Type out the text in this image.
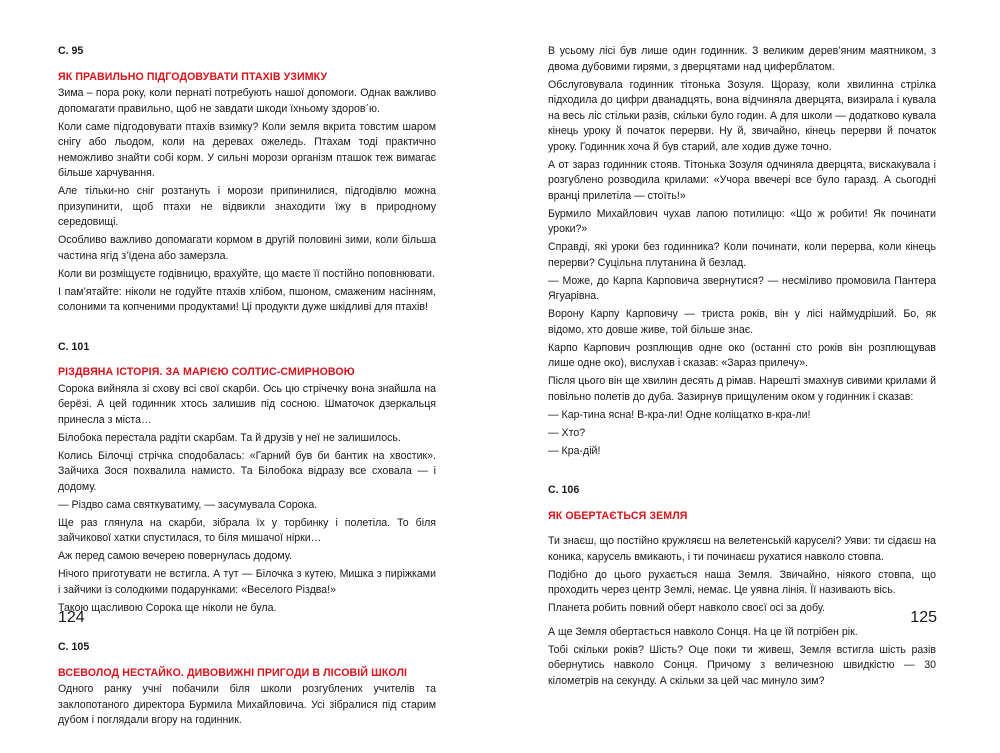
С. 95

ЯК ПРАВИЛЬНО ПІДГОДОВУВАТИ ПТАХІВ УЗИМКУ

Зима – пора року, коли пернаті потребують нашої допомоги. Однак важливо допомагати правильно, щоб не завдати шкоди їхньому здоров᾿ю.

Коли саме підгодовувати птахів взимку? Коли земля вкрита товстим шаром снігу або льодом, коли на деревах ожеледь. Птахам тоді практично неможливо знайти собі корм. У сильні морози організм пташок теж вимагає більше харчування.

Але тільки-но сніг розтануть і морози припинилися, підгодівлю можна призупинити, щоб птахи не відвикли знаходити їжу в природному середовищі.

Особливо важливо допомагати кормом в другій половині зими, коли більша частина ягід з’їдена або замерзла.

Коли ви розміщуєте годівницю, врахуйте, що маєте її постійно поповнювати.

І пам’ятайте: ніколи не годуйте птахів хлібом, пшоном, смаженим насінням, солоними та копченими продуктами! Ці продукти дуже шкідливі для птахів!

С. 101

РІЗДВЯНА ІСТОРІЯ. ЗА МАРІЄЮ СОЛТИС-СМИРНОВОЮ

Сорока вийняла зі схову всі свої скарби. Ось цю стрічечку вона знайшла на берёзі. А цей годинник хтось залишив під сосною. Шматочок дзеркальця принесла з міста…

Білобока перестала радіти скарбам. Та й друзів у неї не залишилось.

Колись Білочці стрічка сподобалась: «Гарний був би бантик на хвостик». Зайчиха Зося похвалила намисто. Та Білобока відразу все сховала — і додому.

— Різдво сама святкуватиму, — засумувала Сорока.

Ще раз глянула на скарби, зібрала їх у торбинку і полетіла. То біля зайчикової хатки спустилася, то біля мишачої нірки…

Аж перед самою вечерею повернулась додому.

Нічого приготувати не встигла. А тут — Білочка з кутею, Мишка з пиріжками і зайчики із солодкими подарунками: «Веселого Різдва!»

Такою щасливою Сорока ще ніколи не була.

С. 105

ВСЕВОЛОД НЕСТАЙКО. ДИВОВИЖНІ ПРИГОДИ В ЛІСОВІЙ ШКОЛІ

Одного ранку учні побачили біля школи розгублених учителів та заклопотаного директора Бурмила Михайловича. Усі зібралися під старим дубом і поглядали вгору на годинник.

124

В усьому лісі був лише один годинник. З великим дерев’яним маятником, з двома дубовими гирями, з дверцятами над циферблатом.

Обслуговувала годинник тітонька Зозуля. Щоразу, коли хвилинна стрілка підходила до цифри дванадцять, вона відчиняла дверцята, визирала і кувала на весь ліс стільки разів, скільки було годин. А для школи — додатково кувала кінець уроку й початок перерви. Ну й, звичайно, кінець перерви й початок уроку. Годинник хоча й був старий, але ходив дуже точно.

А от зараз годинник стояв. Тітонька Зозуля одчиняла дверцята, вискакувала і розгублено розводила крилами: «Учора ввечері все було гаразд. А сьогодні вранці прилетіла — стоїть!»

Бурмило Михайлович чухав лапою потилицю: «Що ж робити! Як починати уроки?»

Справді, які уроки без годинника? Коли починати, коли перерва, коли кінець перерви? Суцільна плутанина й безлад.

— Може, до Карпа Карповича звернутися? — несміливо промовила Пантера Ягуарівна.

Ворону Карпу Карповичу — триста років, він у лісі наймудріший. Бо, як відомо, хто довше живе, той більше знає.

Карпо Карпович розплющив одне око (останні сто років він розплющував лише одне око), вислухав і сказав: «Зараз прилечу».

Після цього він ще хвилин десять д рімав. Нарешті змахнув сивими крилами й повільно полетів до дуба. Зазирнув прищуленим оком у годинник і сказав:

— Кар-тина ясна! В-кра-ли! Одне коліщатко в-кра-ли!

— Хто?

— Кра-дій!

С. 106

ЯК ОБЕРТАЄТЬСЯ ЗЕМЛЯ

Ти знаєш, що постійно кружляєш на велетенській каруселі? Уяви: ти сідаєш на коника, карусель вмикають, і ти починаєш рухатися навколо стовпа.

Подібно до цього рухається наша Земля. Звичайно, ніякого стовпа, що проходить через центр Землі, немає. Це уявна лінія. Її називають вісь.

Планета робить повний оберт навколо своєї осі за добу.

А ще Земля обертається навколо Сонця. На це їй потрібен рік.

Тобі скільки років? Шість? Оце поки ти живеш, Земля встигла шість разів обернутись навколо Сонця. Причому з величезною швидкістю — 30 кілометрів на секунду. А скільки за цей час минуло зим?

125
